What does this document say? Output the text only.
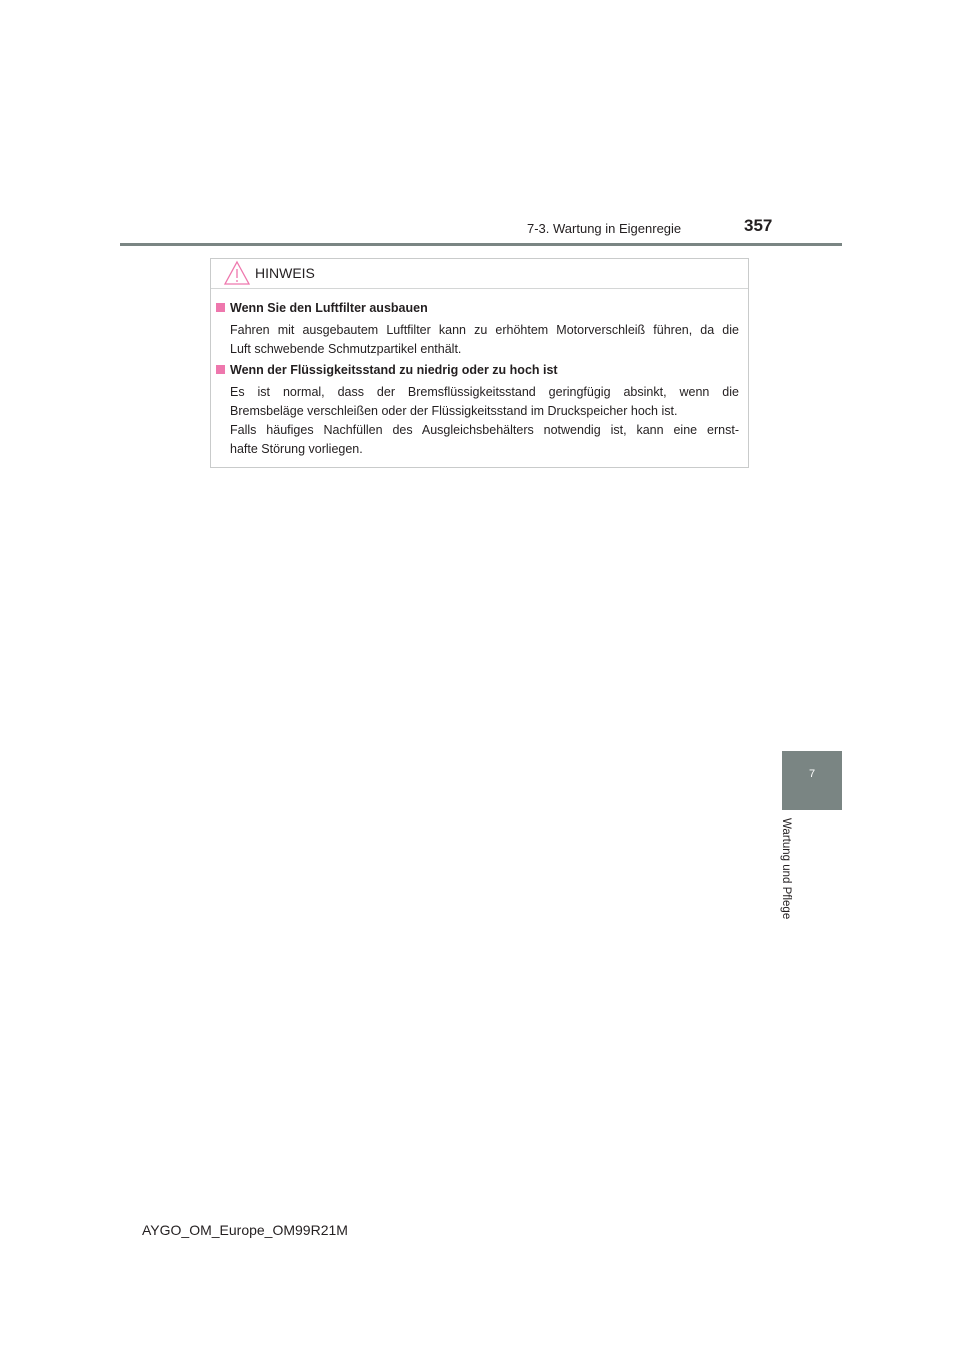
7-3. Wartung in Eigenregie	357
HINWEIS
Wenn Sie den Luftfilter ausbauen
Fahren mit ausgebautem Luftfilter kann zu erhöhtem Motorverschleiß führen, da die
Luft schwebende Schmutzpartikel enthält.
Wenn der Flüssigkeitsstand zu niedrig oder zu hoch ist
Es ist normal, dass der Bremsflüssigkeitsstand geringfügig absinkt, wenn die
Bremsbeläge verschleißen oder der Flüssigkeitsstand im Druckspeicher hoch ist.
Falls häufiges Nachfüllen des Ausgleichsbehälters notwendig ist, kann eine ernst-
hafte Störung vorliegen.
7
Wartung und Pflege
AYGO_OM_Europe_OM99R21M
